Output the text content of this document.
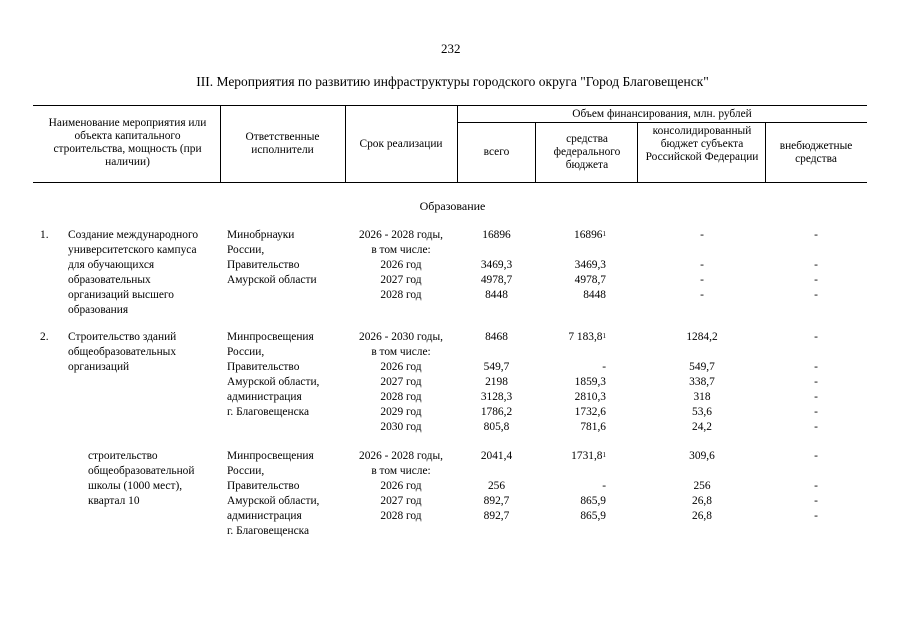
232
III. Мероприятия по развитию инфраструктуры городского округа "Город Благовещенск"
Наименование мероприятия или объекта капитального строительства, мощность (при наличии)
Ответственные исполнители	Срок реализации
Объем финансирования, млн. рублей
всего
средства федерального бюджета
консолидированный бюджет субъекта Российской Федерации
внебюджетные средства
Образование
1. Создание международного
университетского кампуса
для обучающихся
образовательных
организаций высшего
образования
Минобрнауки
России,
Правительство
Амурской области
2026 - 2028 годы,
в том числе:
2026 год
2027 год
2028 год
16896
3469,3
4978,7
8448
16896$^1$
3469,3
4978,7
8448
-
-
-
-
-
-
-
-
2. Строительство зданий
общеобразовательных
организаций
Минпросвещения
России,
Правительство
Амурской области,
администрация
г. Благовещенска
2026 - 2030 годы,
в том числе:
2026 год
2027 год
2028 год
2029 год
2030 год
8468
549,7
2198
3128,3
1786,2
805,8
7 183,8$^1$
-
1859,3
2810,3
1732,6
781,6
1284,2
549,7
338,7
318
53,6
24,2
-
-
-
-
-
-
строительство
общеобразовательной
школы (1000 мест),
квартал 10
Минпросвещения
России,
Правительство
Амурской области,
администрация
г. Благовещенска
2026 - 2028 годы,
в том числе:
2026 год
2027 год
2028 год
2041,4
256
892,7
892,7
1731,8$^1$
-
865,9
865,9
309,6
256
26,8
26,8
-
-
-
-
